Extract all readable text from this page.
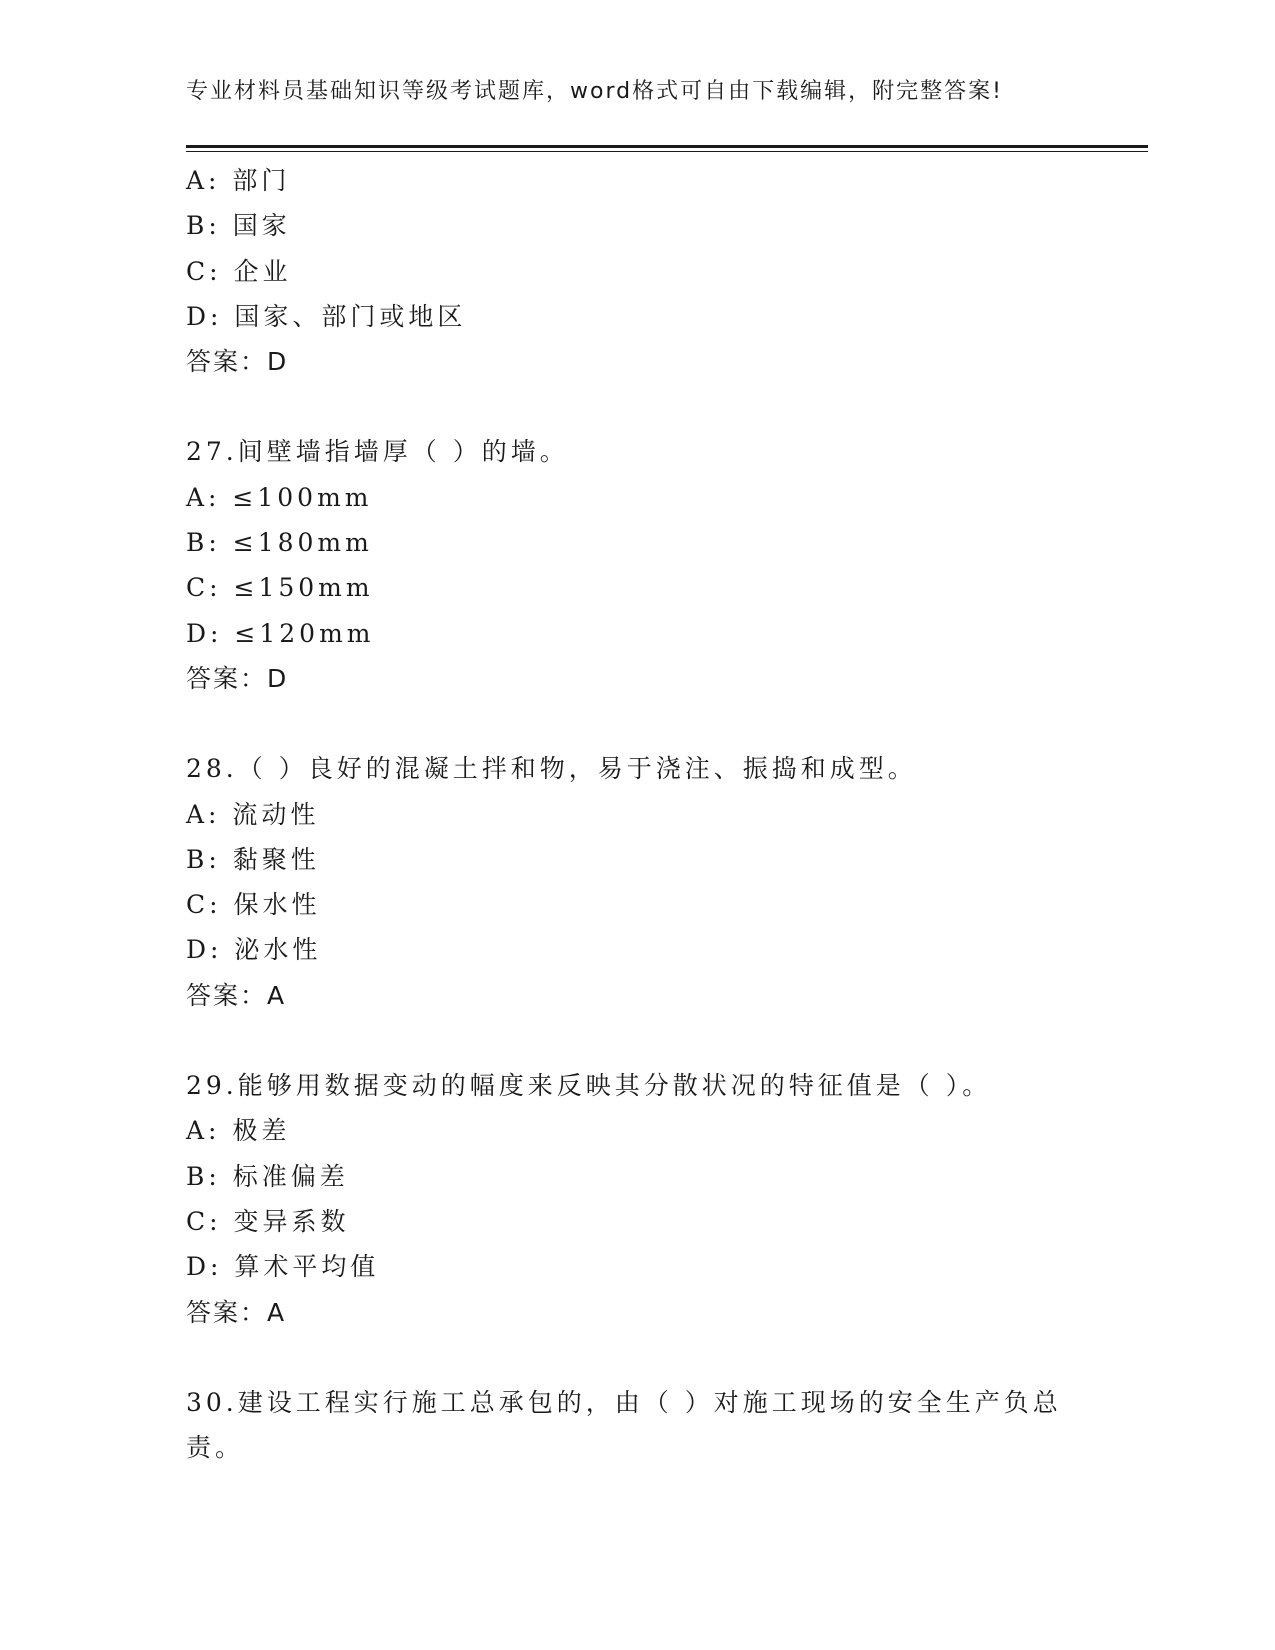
专业材料员基础知识等级考试题库，word格式可自由下载编辑，附完整答案!
A: 部门
B: 国家
C: 企业
D: 国家、部门或地区
答案：D
27.间壁墙指墙厚（ ）的墙。
A: ≤100mm
B: ≤180mm
C: ≤150mm
D: ≤120mm
答案：D
28.（ ）良好的混凝土拌和物，易于浇注、振捣和成型。
A: 流动性
B: 黏聚性
C: 保水性
D: 泌水性
答案：A
29.能够用数据变动的幅度来反映其分散状况的特征值是（ ）。
A: 极差
B: 标准偏差
C: 变异系数
D: 算术平均值
答案：A
30.建设工程实行施工总承包的，由（ ）对施工现场的安全生产负总
责。
